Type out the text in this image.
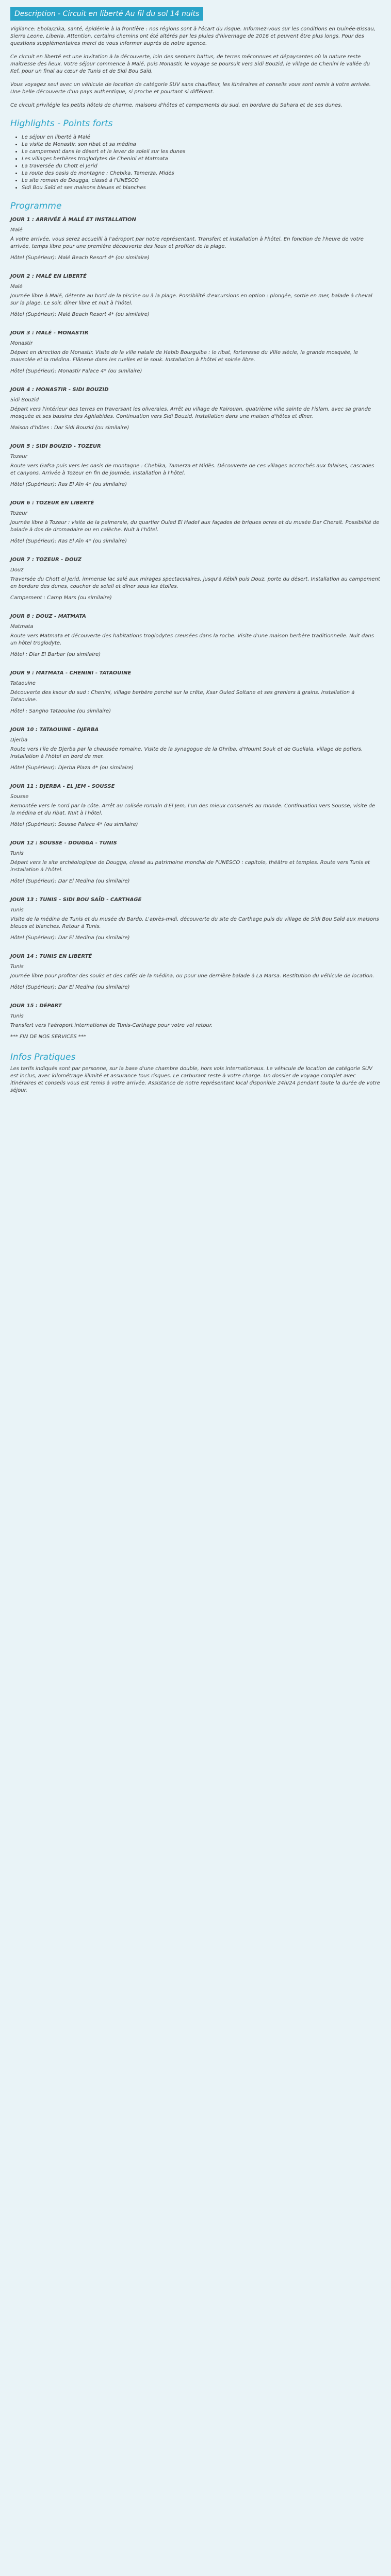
Description - Circuit en liberté Au fil du sol 14 nuits

Vigilance: Ebola/Zika, santé, épidémie à la frontière : nos régions sont à l'écart du risque. Informez-vous sur les conditions en Guinée-Bissau, Sierra Leone, Liberia. Attention, certains chemins ont été altérés par les pluies d'hivernage de 2016 et peuvent être plus longs. Pour des questions supplémentaires merci de vous informer auprès de notre agence.

Ce circuit en liberté est une invitation à la découverte, loin des sentiers battus, de terres méconnues et dépaysantes où la nature reste maîtresse des lieux. Votre séjour commence à Malé, puis Monastir, le voyage se poursuit vers Sidi Bouzid, le village de Chenini le vallée du Kef, pour un final au cœur de Tunis et de Sidi Bou Saïd.

Vous voyagez seul avec un véhicule de location de catégorie SUV sans chauffeur, les itinéraires et conseils vous sont remis à votre arrivée. Une belle découverte d'un pays authentique, si proche et pourtant si différent.

Ce circuit privilégie les petits hôtels de charme, maisons d'hôtes et campements du sud, en bordure du Sahara et de ses dunes.

Highlights - Points forts
• Le séjour en liberté à Malé
• La visite de Monastir, son ribat et sa médina
• Le campement dans le désert et le lever de soleil sur les dunes
• Les villages berbères troglodytes de Chenini et Matmata
• La traversée du Chott el Jerid
• La route des oasis de montagne : Chebika, Tamerza, Midès
• Le site romain de Dougga, classé à l'UNESCO
• Sidi Bou Saïd et ses maisons bleues et blanches
Programme
JOUR 1 : ARRIVÉE À MALÉ ET INSTALLATION
Malé
À votre arrivée, vous serez accueilli à l'aéroport par notre représentant. Transfert et installation à l'hôtel. En fonction de l'heure de votre arrivée, temps libre pour une première découverte des lieux et profiter de la plage.
Hôtel (Supérieur): Malé Beach Resort 4* (ou similaire)
JOUR 2 : MALÉ EN LIBERTÉ
Malé
Journée libre à Malé, détente au bord de la piscine ou à la plage. Possibilité d'excursions en option : plongée, sortie en mer, balade à cheval sur la plage. Le soir, dîner libre et nuit à l'hôtel.
Hôtel (Supérieur): Malé Beach Resort 4* (ou similaire)
JOUR 3 : MALÉ - MONASTIR
Monastir
Départ en direction de Monastir. Visite de la ville natale de Habib Bourguiba : le ribat, forteresse du VIIIe siècle, la grande mosquée, le mausolée et la médina. Flânerie dans les ruelles et le souk. Installation à l'hôtel et soirée libre.
Hôtel (Supérieur): Monastir Palace 4* (ou similaire)
JOUR 4 : MONASTIR - SIDI BOUZID
Sidi Bouzid
Départ vers l'intérieur des terres en traversant les oliveraies. Arrêt au village de Kairouan, quatrième ville sainte de l'islam, avec sa grande mosquée et ses bassins des Aghlabides. Continuation vers Sidi Bouzid. Installation dans une maison d'hôtes et dîner.
Maison d'hôtes : Dar Sidi Bouzid (ou similaire)
JOUR 5 : SIDI BOUZID - TOZEUR
Tozeur
Route vers Gafsa puis vers les oasis de montagne : Chebika, Tamerza et Midès. Découverte de ces villages accrochés aux falaises, cascades et canyons. Arrivée à Tozeur en fin de journée, installation à l'hôtel.
Hôtel (Supérieur): Ras El Aïn 4* (ou similaire)
JOUR 6 : TOZEUR EN LIBERTÉ
Tozeur
Journée libre à Tozeur : visite de la palmeraie, du quartier Ouled El Hadef aux façades de briques ocres et du musée Dar Cheraït. Possibilité de balade à dos de dromadaire ou en calèche. Nuit à l'hôtel.
Hôtel (Supérieur): Ras El Aïn 4* (ou similaire)
JOUR 7 : TOZEUR - DOUZ
Douz
Traversée du Chott el Jerid, immense lac salé aux mirages spectaculaires, jusqu'à Kébili puis Douz, porte du désert. Installation au campement en bordure des dunes, coucher de soleil et dîner sous les étoiles.
Campement : Camp Mars (ou similaire)
JOUR 8 : DOUZ - MATMATA
Matmata
Route vers Matmata et découverte des habitations troglodytes creusées dans la roche. Visite d'une maison berbère traditionnelle. Nuit dans un hôtel troglodyte.
Hôtel : Diar El Barbar (ou similaire)
JOUR 9 : MATMATA - CHENINI - TATAOUINE
Tataouine
Découverte des ksour du sud : Chenini, village berbère perché sur la crête, Ksar Ouled Soltane et ses greniers à grains. Installation à Tataouine.
Hôtel : Sangho Tataouine (ou similaire)
JOUR 10 : TATAOUINE - DJERBA
Djerba
Route vers l'île de Djerba par la chaussée romaine. Visite de la synagogue de la Ghriba, d'Houmt Souk et de Guellala, village de potiers. Installation à l'hôtel en bord de mer.
Hôtel (Supérieur): Djerba Plaza 4* (ou similaire)
JOUR 11 : DJERBA - EL JEM - SOUSSE
Sousse
Remontée vers le nord par la côte. Arrêt au colisée romain d'El Jem, l'un des mieux conservés au monde. Continuation vers Sousse, visite de la médina et du ribat. Nuit à l'hôtel.
Hôtel (Supérieur): Sousse Palace 4* (ou similaire)
JOUR 12 : SOUSSE - DOUGGA - TUNIS
Tunis
Départ vers le site archéologique de Dougga, classé au patrimoine mondial de l'UNESCO : capitole, théâtre et temples. Route vers Tunis et installation à l'hôtel.
Hôtel (Supérieur): Dar El Medina (ou similaire)
JOUR 13 : TUNIS - SIDI BOU SAÏD - CARTHAGE
Tunis
Visite de la médina de Tunis et du musée du Bardo. L'après-midi, découverte du site de Carthage puis du village de Sidi Bou Saïd aux maisons bleues et blanches. Retour à Tunis.
Hôtel (Supérieur): Dar El Medina (ou similaire)
JOUR 14 : TUNIS EN LIBERTÉ
Tunis
Journée libre pour profiter des souks et des cafés de la médina, ou pour une dernière balade à La Marsa. Restitution du véhicule de location.
Hôtel (Supérieur): Dar El Medina (ou similaire)
JOUR 15 : DÉPART
Tunis
Transfert vers l'aéroport international de Tunis-Carthage pour votre vol retour.
*** FIN DE NOS SERVICES ***
Infos Pratiques
Les tarifs indiqués sont par personne, sur la base d'une chambre double, hors vols internationaux. Le véhicule de location de catégorie SUV est inclus, avec kilométrage illimité et assurance tous risques. Le carburant reste à votre charge. Un dossier de voyage complet avec itinéraires et conseils vous est remis à votre arrivée. Assistance de notre représentant local disponible 24h/24 pendant toute la durée de votre séjour.
